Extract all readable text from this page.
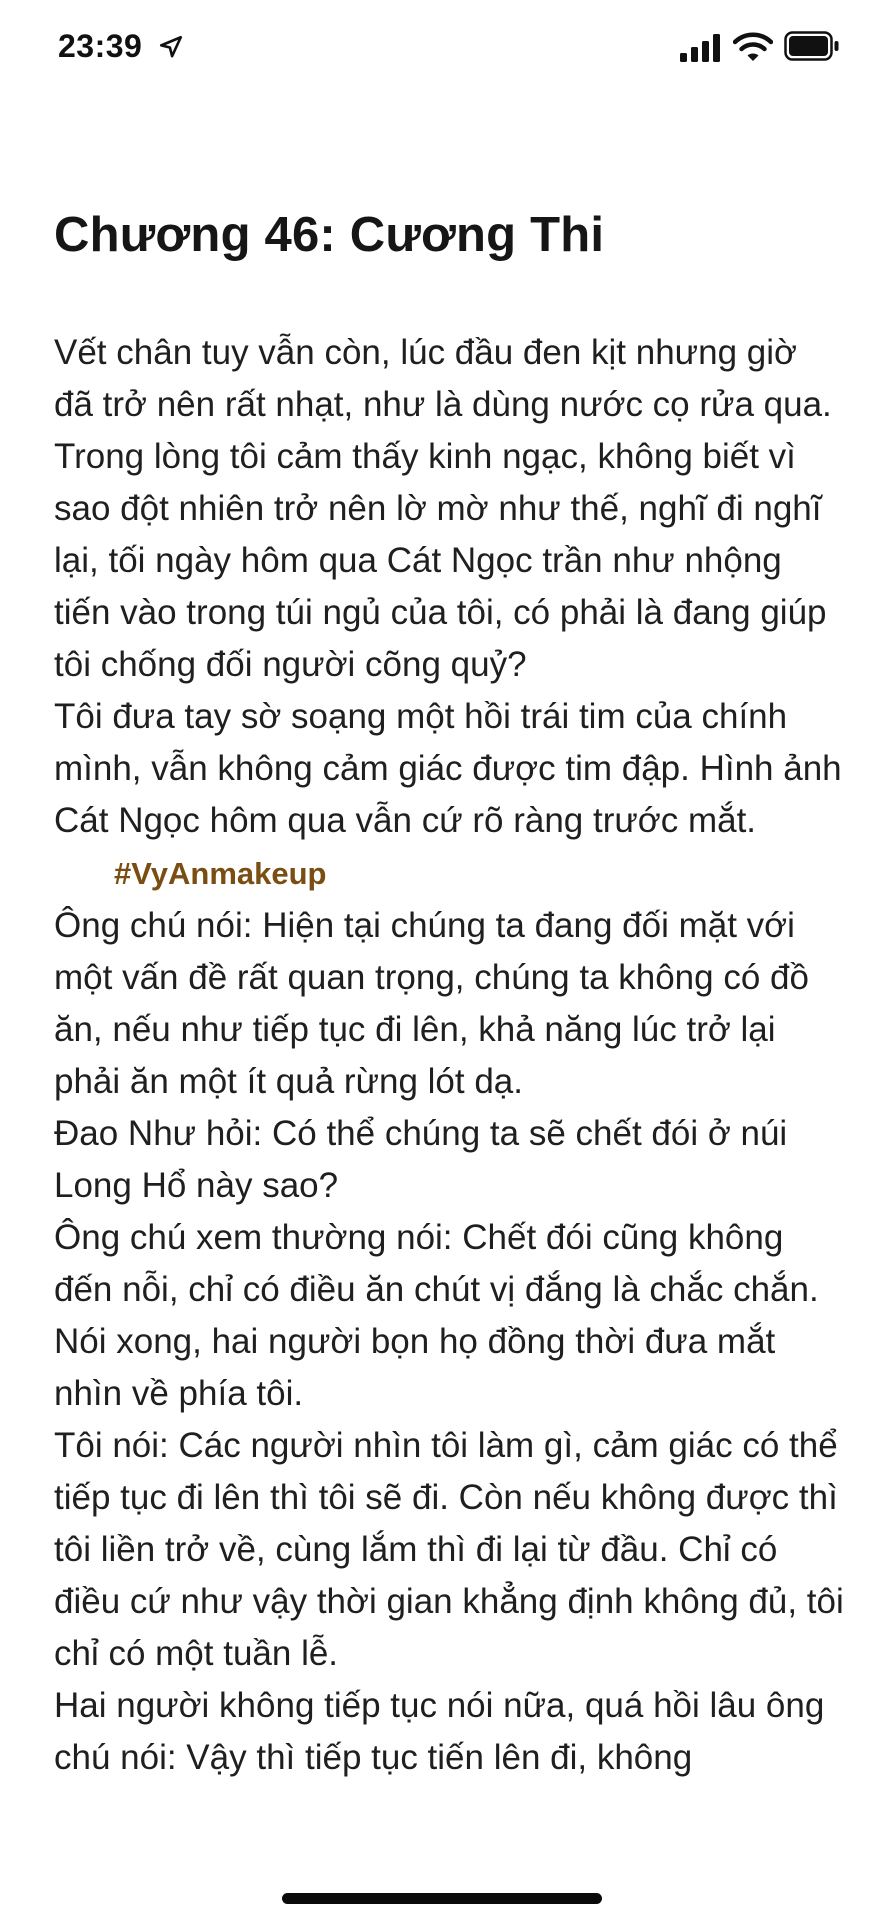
23:39
Chương 46: Cương Thi

Vết chân tuy vẫn còn, lúc đầu đen kịt nhưng giờ đã trở nên rất nhạt, như là dùng nước cọ rửa qua.

Trong lòng tôi cảm thấy kinh ngạc, không biết vì sao đột nhiên trở nên lờ mờ như thế, nghĩ đi nghĩ lại, tối ngày hôm qua Cát Ngọc trần như nhộng tiến vào trong túi ngủ của tôi, có phải là đang giúp tôi chống đối người cõng quỷ?

Tôi đưa tay sờ soạng một hồi trái tim của chính mình, vẫn không cảm giác được tim đập. Hình ảnh Cát Ngọc hôm qua vẫn cứ rõ ràng trước mắt.#VyAnmakeup

Ông chú nói: Hiện tại chúng ta đang đối mặt với một vấn đề rất quan trọng, chúng ta không có đồ ăn, nếu như tiếp tục đi lên, khả năng lúc trở lại phải ăn một ít quả rừng lót dạ.

Đao Như hỏi: Có thể chúng ta sẽ chết đói ở núi Long Hổ này sao?

Ông chú xem thường nói: Chết đói cũng không đến nỗi, chỉ có điều ăn chút vị đắng là chắc chắn.

Nói xong, hai người bọn họ đồng thời đưa mắt nhìn về phía tôi.

Tôi nói: Các người nhìn tôi làm gì, cảm giác có thể tiếp tục đi lên thì tôi sẽ đi. Còn nếu không được thì tôi liền trở về, cùng lắm thì đi lại từ đầu. Chỉ có điều cứ như vậy thời gian khẳng định không đủ, tôi chỉ có một tuần lễ.

Hai người không tiếp tục nói nữa, quá hồi lâu ông chú nói: Vậy thì tiếp tục tiến lên đi, không
